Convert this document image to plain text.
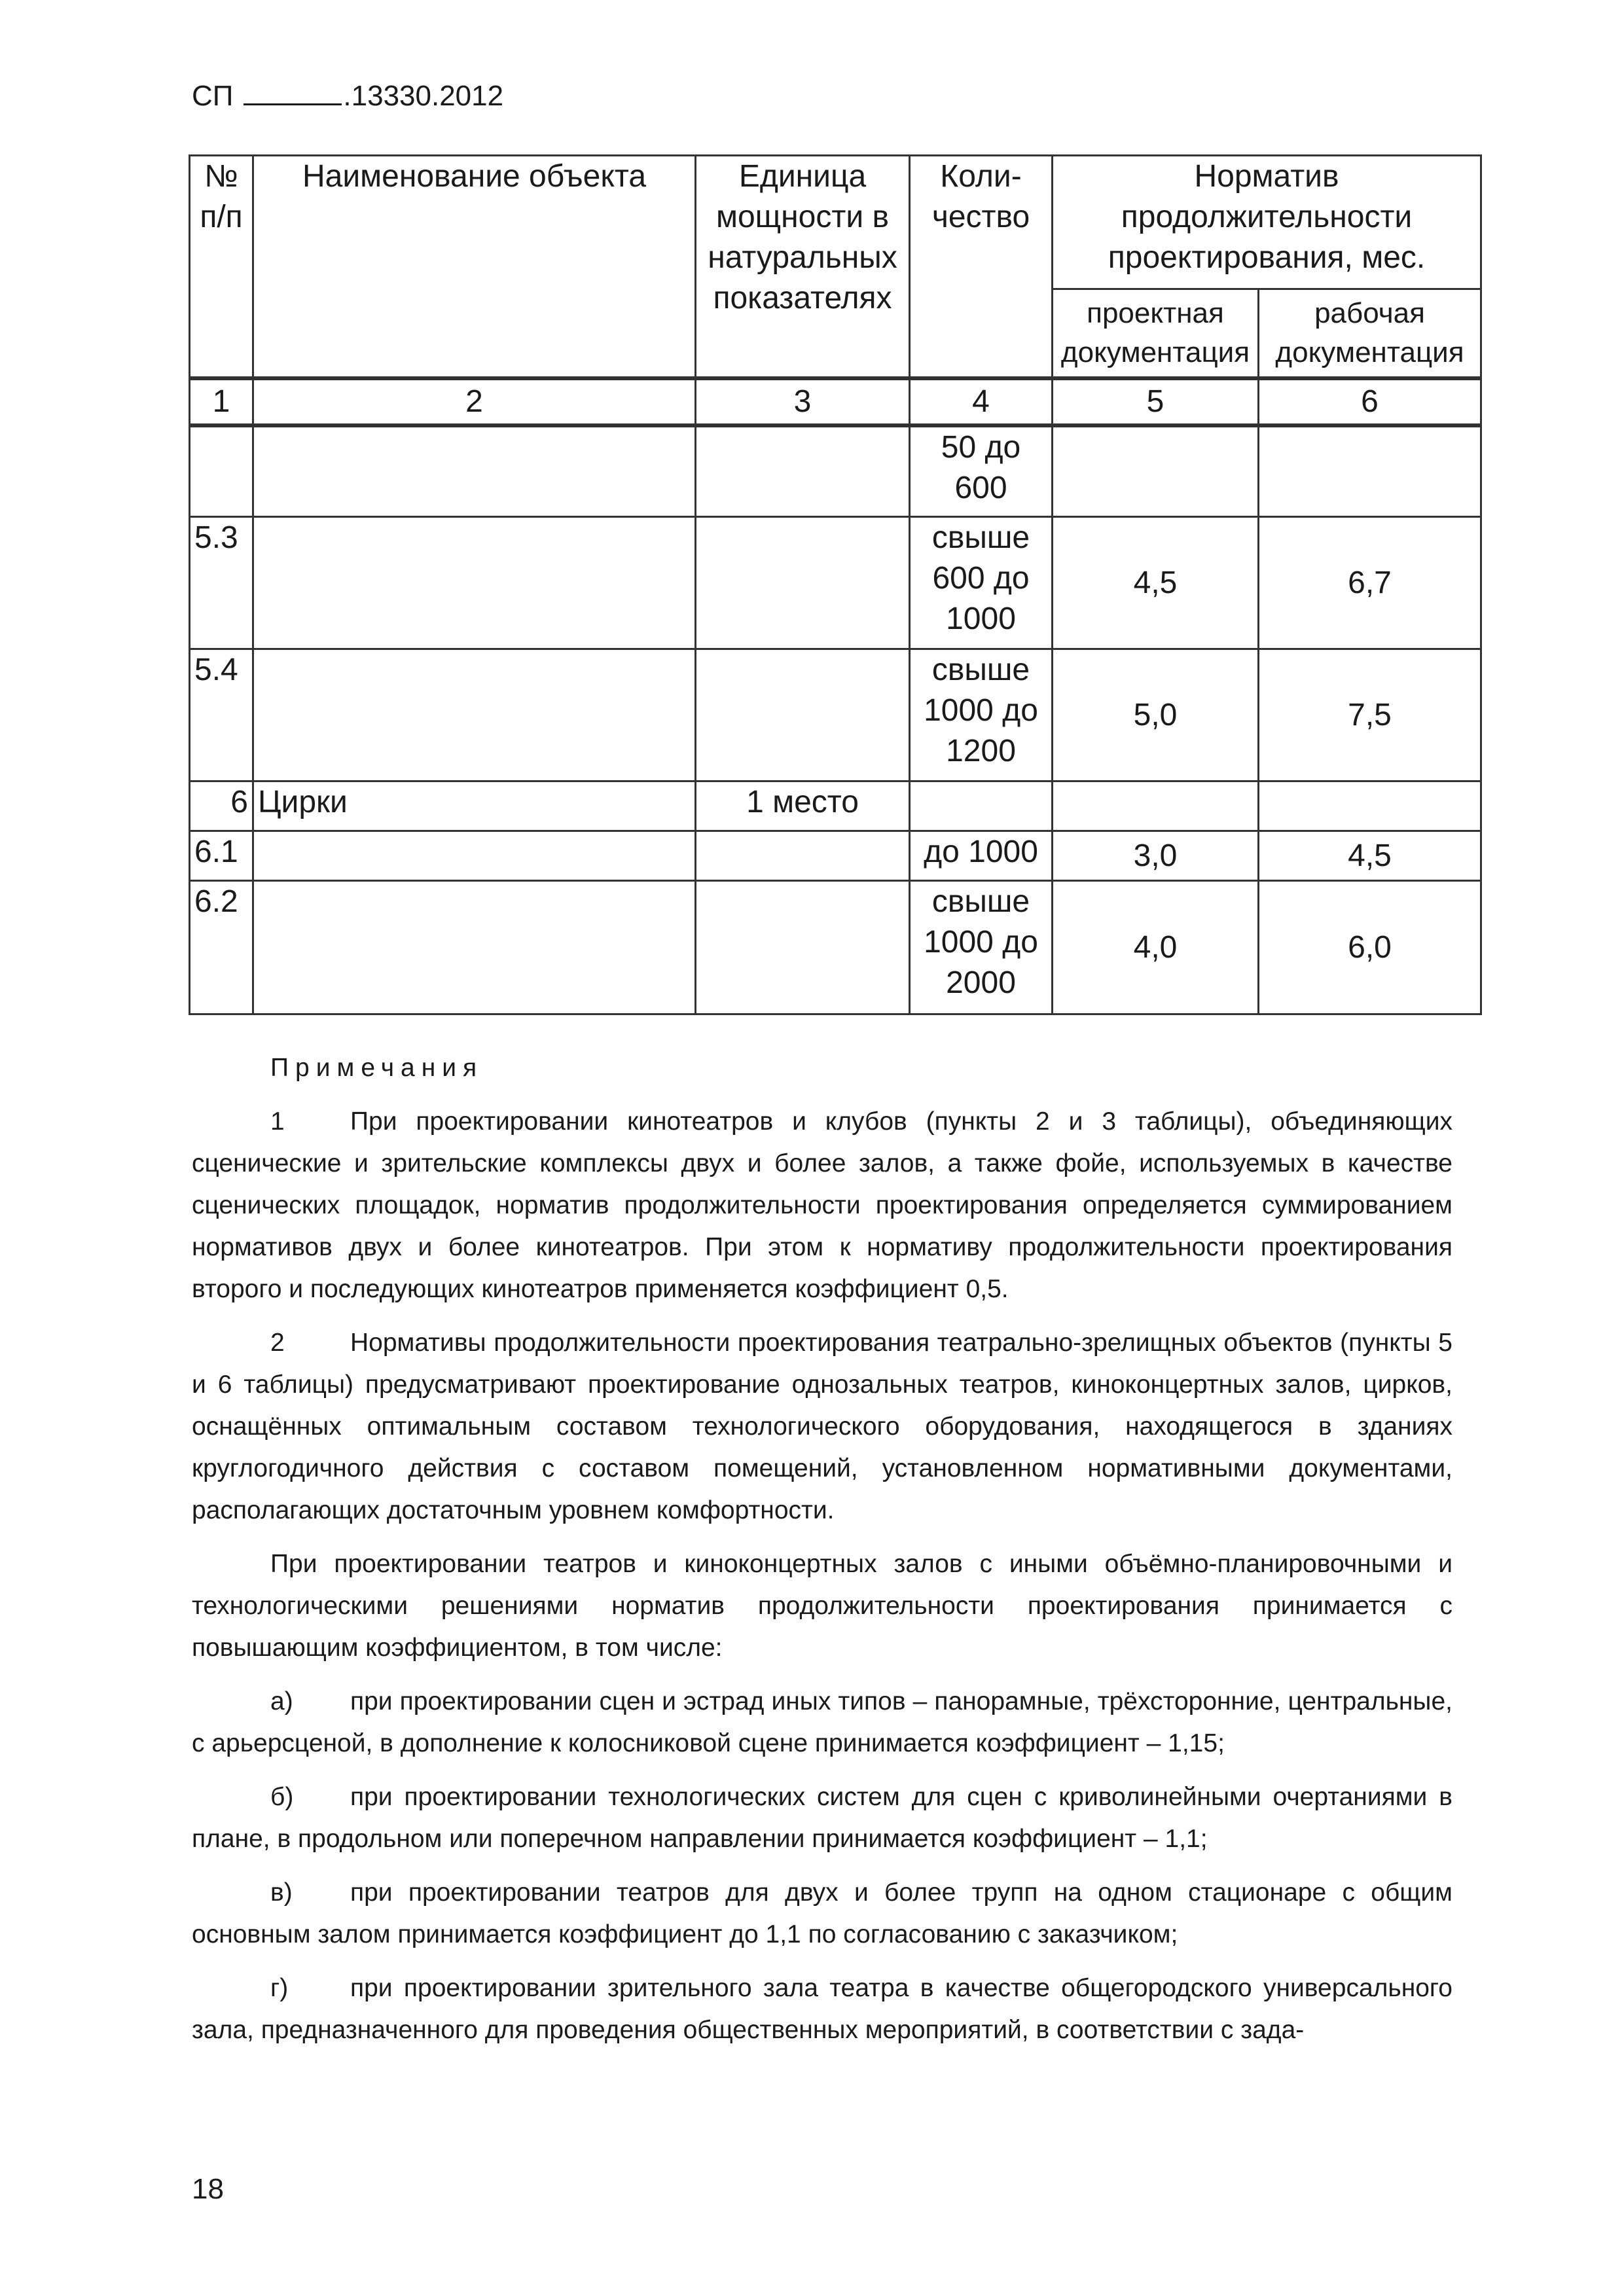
СП	.13330.2012
№ п/п	Наименование объекта	Единица мощности в натуральных показателях	Коли-чество	Норматив продолжительности проектирования, мес.	
				проектная документация	рабочая документация
1	2	3	4	5	6
			50 до 600		
5.3			свыше 600 до 1000	4,5	6,7
5.4			свыше 1000 до 1200	5,0	7,5
6	Цирки	1 место			
6.1			до 1000	3,0	4,5
6.2			свыше 1000 до 2000	4,0	6,0
Примечания

1	При проектировании кинотеатров и клубов (пункты 2 и 3 таблицы), объединяющих сценические и зрительские комплексы двух и более залов, а также фойе, используемых в качестве сценических площадок, норматив продолжительности проектирования определяется суммированием нормативов двух и более кинотеатров. При этом к нормативу продолжительности проектирования второго и последующих кинотеатров применяется коэффициент 0,5.

2	Нормативы продолжительности проектирования театрально-зрелищных объектов (пункты 5 и 6 таблицы) предусматривают проектирование однозальных театров, киноконцертных залов, цирков, оснащённых оптимальным составом технологического оборудования, находящегося в зданиях круглогодичного действия с составом помещений, установленном нормативными документами, располагающих достаточным уровнем комфортности.

При проектировании театров и киноконцертных залов с иными объёмно-планировочными и технологическими решениями норматив продолжительности проектирования принимается с повышающим коэффициентом, в том числе:

а) при проектировании сцен и эстрад иных типов – панорамные, трёхсторонние, центральные, с арьерсценой, в дополнение к колосниковой сцене принимается коэффициент – 1,15;

б) при проектировании технологических систем для сцен с криволинейными очертаниями в плане, в продольном или поперечном направлении принимается коэффициент – 1,1;

в) при проектировании театров для двух и более трупп на одном стационаре с общим основным залом принимается коэффициент до 1,1 по согласованию с заказчиком;

г) при проектировании зрительного зала театра в качестве общегородского универсального зала, предназначенного для проведения общественных мероприятий, в соответствии с зада-

18
